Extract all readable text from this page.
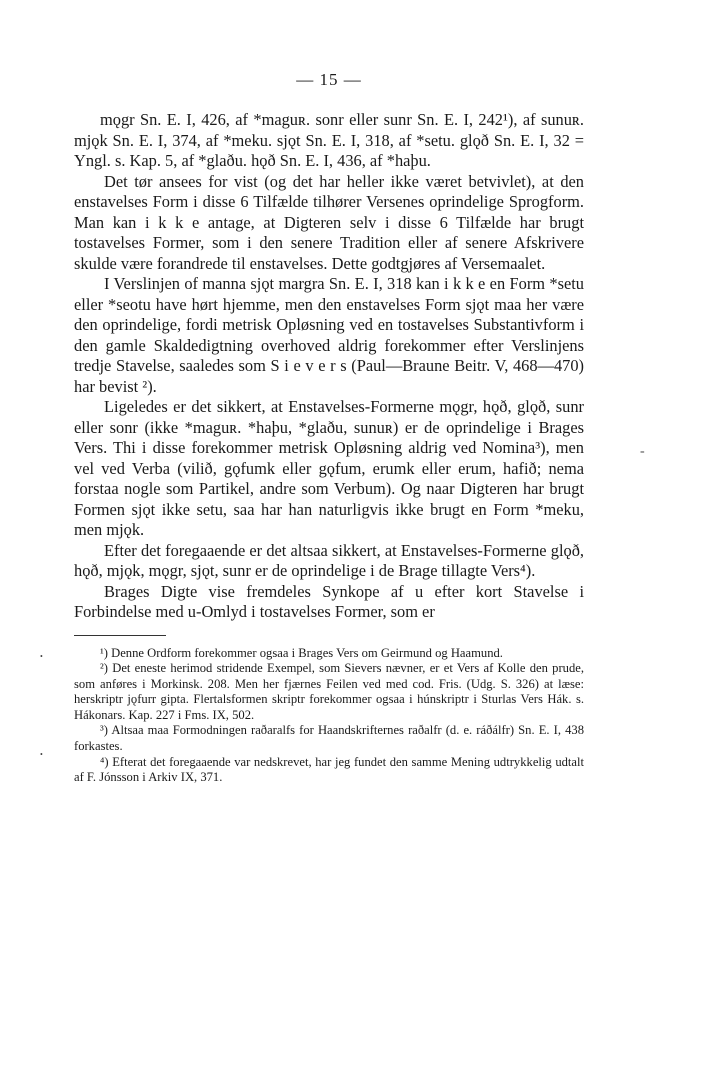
— 15 —

mǫgr Sn. E. I, 426, af *maguʀ. sonr eller sunr Sn. E. I, 242¹), af sunuʀ. mjǫk Sn. E. I, 374, af *meku. sjǫt Sn. E. I, 318, af *setu. glǫð Sn. E. I, 32 = Yngl. s. Kap. 5, af *glaðu. hǫð Sn. E. I, 436, af *haþu.

Det tør ansees for vist (og det har heller ikke været betvivlet), at den enstavelses Form i disse 6 Tilfælde tilhører Versenes oprindelige Sprogform. Man kan i k k e antage, at Digteren selv i disse 6 Tilfælde har brugt tostavelses Former, som i den senere Tradition eller af senere Afskrivere skulde være forandrede til enstavelses. Dette godtgjøres af Versemaalet.

I Verslinjen of manna sjǫt margra Sn. E. I, 318 kan i k k e en Form *setu eller *seotu have hørt hjemme, men den enstavelses Form sjǫt maa her være den oprindelige, fordi metrisk Opløsning ved en tostavelses Substantivform i den gamle Skaldedigtning overhoved aldrig forekommer efter Verslinjens tredje Stavelse, saaledes som S i e v e r s (Paul—Braune Beitr. V, 468—470) har bevist ²).

Ligeledes er det sikkert, at Enstavelses-Formerne mǫgr, hǫð, glǫð, sunr eller sonr (ikke *maguʀ. *haþu, *glaðu, sunuʀ) er de oprindelige i Brages Vers. Thi i disse forekommer metrisk Opløsning aldrig ved Nomina³), men vel ved Verba (vilið, gǫfumk eller gǫfum, erumk eller erum, hafið; nema forstaa nogle som Partikel, andre som Verbum). Og naar Digteren har brugt Formen sjǫt ikke setu, saa har han naturligvis ikke brugt en Form *meku, men mjǫk.

Efter det foregaaende er det altsaa sikkert, at Enstavelses-Formerne glǫð, hǫð, mjǫk, mǫgr, sjǫt, sunr er de oprindelige i de Brage tillagte Vers⁴).

Brages Digte vise fremdeles Synkope af u efter kort Stavelse i Forbindelse med u-Omlyd i tostavelses Former, som er

¹) Denne Ordform forekommer ogsaa i Brages Vers om Geirmund og Haamund.

²) Det eneste herimod stridende Exempel, som Sievers nævner, er et Vers af Kolle den prude, som anføres i Morkinsk. 208. Men her fjærnes Feilen ved med cod. Fris. (Udg. S. 326) at læse: herskriptr jǫfurr gipta. Flertalsformen skriptr forekommer ogsaa i húnskriptr i Sturlas Vers Hák. s. Hákonars. Kap. 227 i Fms. IX, 502.

³) Altsaa maa Formodningen raðaralfs for Haandskrifternes raðalfr (d. e. ráðálfr) Sn. E. I, 438 forkastes.

⁴) Efterat det foregaaende var nedskrevet, har jeg fundet den samme Mening udtrykkelig udtalt af F. Jónsson i Arkiv IX, 371.

-
•
•
